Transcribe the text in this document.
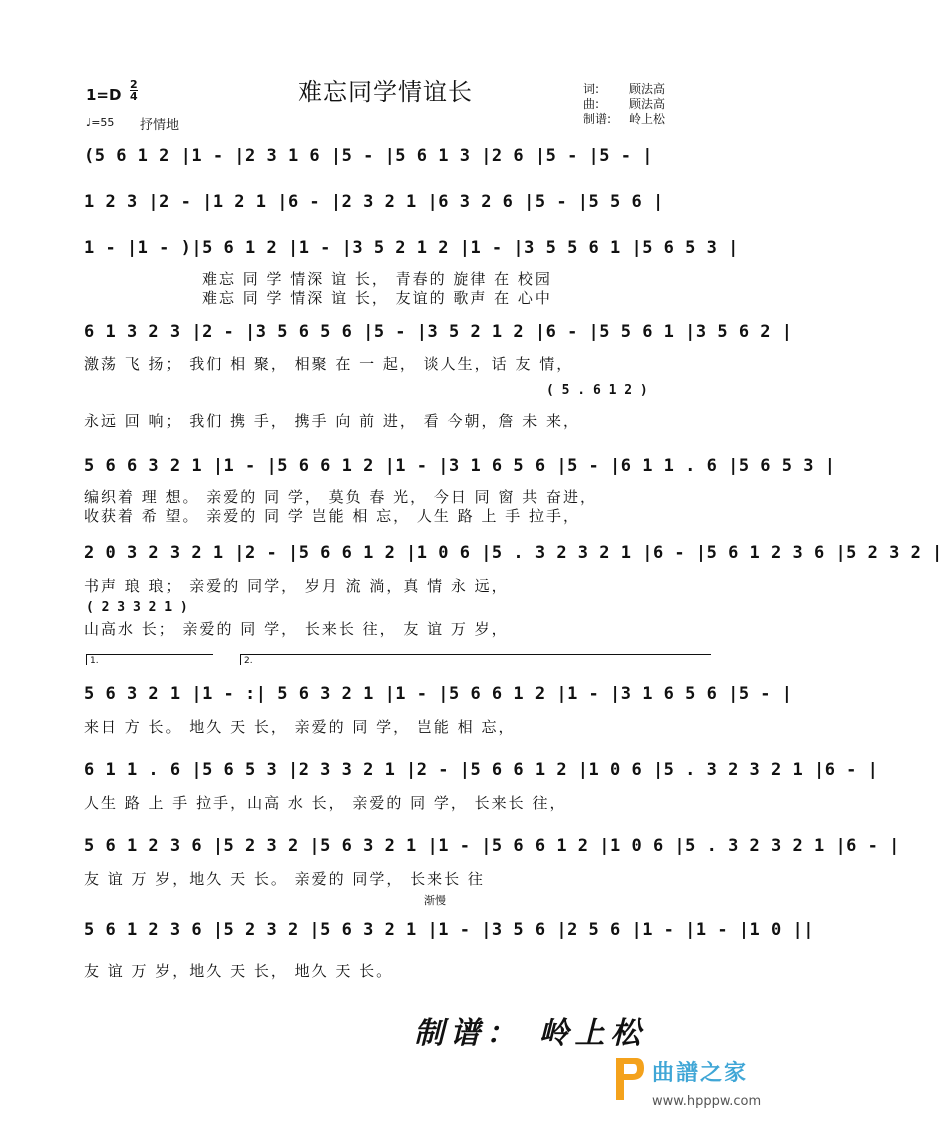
难忘同学情谊长
1=D
2
4
♩=55 抒情地
词: 顾法高
曲: 顾法高
制谱: 岭上松
(5 6 1 2 |1 - |2 3 1 6 |5 - |5 6 1 3 |2 6 |5 - |5 - |
1 2 3 |2 - |1 2 1 |6 - |2 3 2 1 |6 3 2 6 |5 - |5 5 6 |
1 - |1 - )|5 6 1 2 |1 - |3 5 2 1 2 |1 - |3 5 5 6 1 |5 6 5 3 |
难忘 同 学 情深 谊 长， 青春的 旋律 在 校园
难忘 同 学 情深 谊 长， 友谊的 歌声 在 心中
6 1 3 2 3 |2 - |3 5 6 5 6 |5 - |3 5 2 1 2 |6 - |5 5 6 1 |3 5 6 2 |
激荡 飞 扬； 我们 相 聚， 相聚 在 一 起， 谈人生，话 友 情，
( 5 . 6 1 2 )
永远 回 响； 我们 携 手， 携手 向 前 进， 看 今朝，詹 未 来，
5 6 6 3 2 1 |1 - |5 6 6 1 2 |1 - |3 1 6 5 6 |5 - |6 1 1 . 6 |5 6 5 3 |
编织着 理 想。 亲爱的 同 学， 莫负 春 光， 今日 同 窗 共 奋进，
收获着 希 望。 亲爱的 同 学 岂能 相 忘， 人生 路 上 手 拉手，
2 0 3 2 3 2 1 |2 - |5 6 6 1 2 |1 0 6 |5 . 3 2 3 2 1 |6 - |5 6 1 2 3 6 |5 2 3 2 |
书声 琅 琅； 亲爱的 同学， 岁月 流 淌，真 情 永 远，
( 2 3 3 2 1 )
山高水 长； 亲爱的 同 学， 长来长 往， 友 谊 万 岁，
1.	2.
5 6 3 2 1 |1 - :| 5 6 3 2 1 |1 - |5 6 6 1 2 |1 - |3 1 6 5 6 |5 - |
来日 方 长。 地久 天 长， 亲爱的 同 学， 岂能 相 忘，
6 1 1 . 6 |5 6 5 3 |2 3 3 2 1 |2 - |5 6 6 1 2 |1 0 6 |5 . 3 2 3 2 1 |6 - |
人生 路 上 手 拉手，山高 水 长， 亲爱的 同 学， 长来长 往，
5 6 1 2 3 6 |5 2 3 2 |5 6 3 2 1 |1 - |5 6 6 1 2 |1 0 6 |5 . 3 2 3 2 1 |6 - |
友 谊 万 岁，地久 天 长。 亲爱的 同学， 长来长 往
渐慢
5 6 1 2 3 6 |5 2 3 2 |5 6 3 2 1 |1 - |3 5 6 |2 5 6 |1 - |1 - |1 0 ||
友 谊 万 岁，地久 天 长， 地久 天 长。
制谱： 岭上松
曲譜之家
www.hpppw.com
